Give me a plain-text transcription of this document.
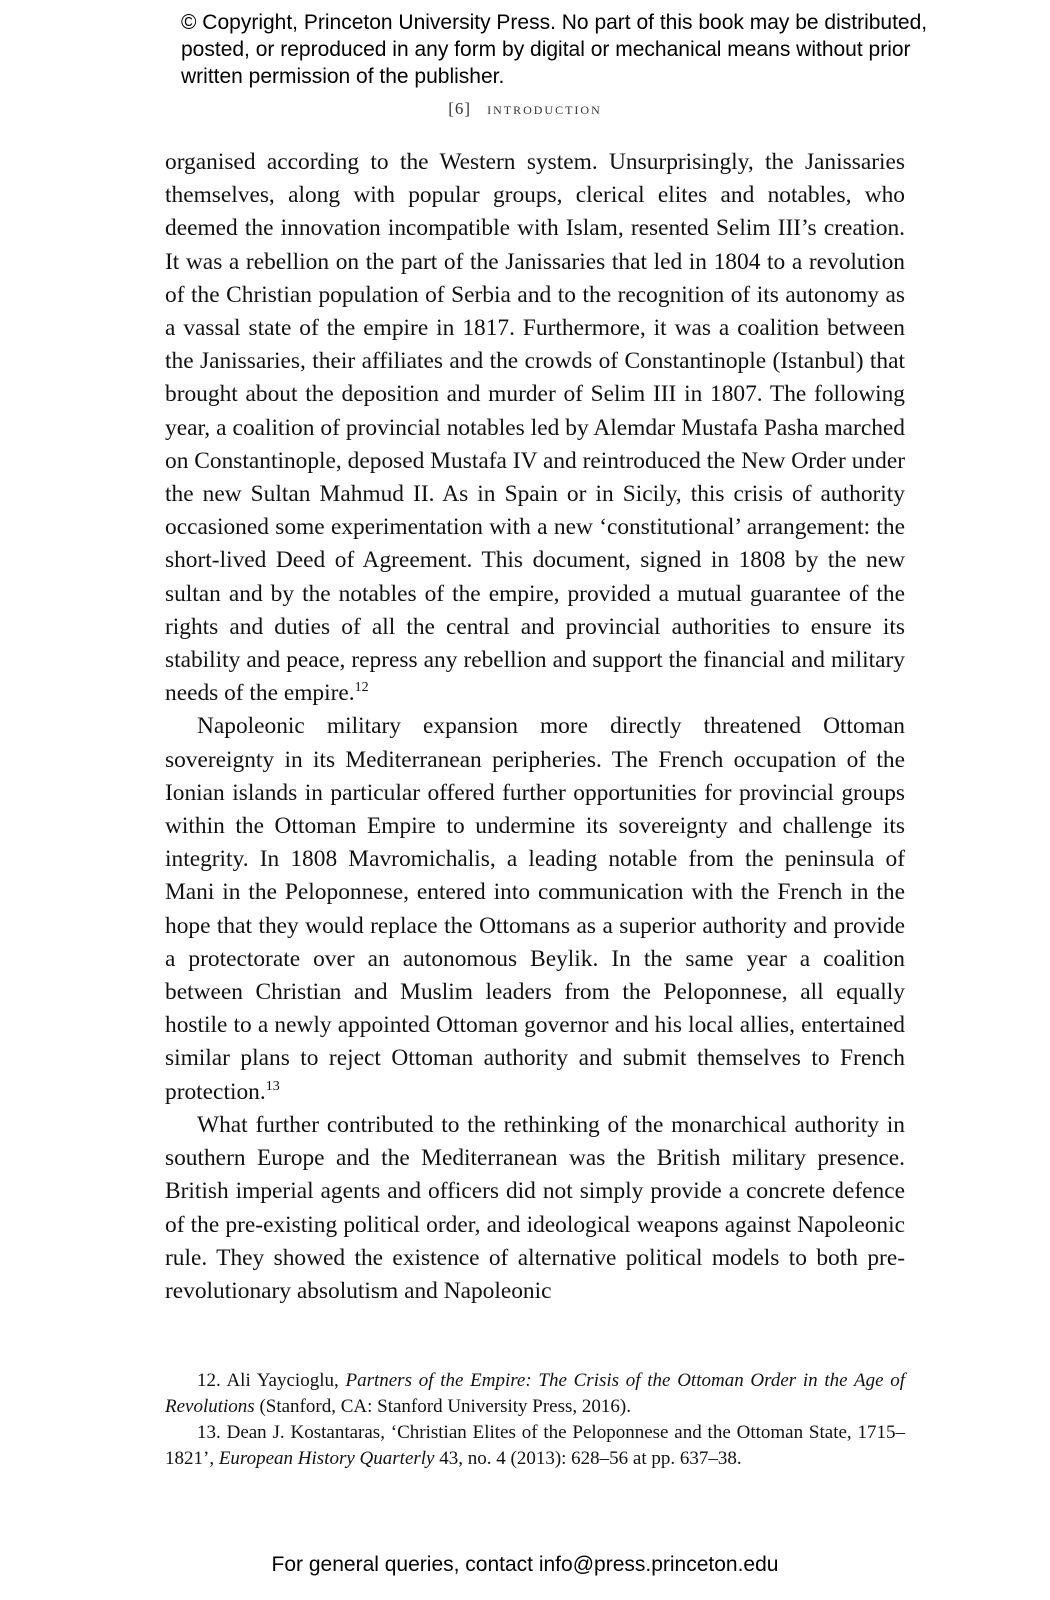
© Copyright, Princeton University Press. No part of this book may be distributed, posted, or reproduced in any form by digital or mechanical means without prior written permission of the publisher.
[6] introduction

organised according to the Western system. Unsurprisingly, the Janissaries themselves, along with popular groups, clerical elites and notables, who deemed the innovation incompatible with Islam, resented Selim III’s creation. It was a rebellion on the part of the Janissaries that led in 1804 to a revolution of the Christian population of Serbia and to the recognition of its autonomy as a vassal state of the empire in 1817. Furthermore, it was a coalition between the Janissaries, their affiliates and the crowds of Constantinople (Istanbul) that brought about the deposition and murder of Selim III in 1807. The following year, a coalition of provincial notables led by Alemdar Mustafa Pasha marched on Constantinople, deposed Mustafa IV and reintroduced the New Order under the new Sultan Mahmud II. As in Spain or in Sicily, this crisis of authority occasioned some experimentation with a new ‘constitutional’ arrangement: the short-lived Deed of Agreement. This document, signed in 1808 by the new sultan and by the notables of the empire, provided a mutual guarantee of the rights and duties of all the central and provincial authorities to ensure its stability and peace, repress any rebellion and support the financial and military needs of the empire.$^{12}$

Napoleonic military expansion more directly threatened Ottoman sovereignty in its Mediterranean peripheries. The French occupation of the Ionian islands in particular offered further opportunities for provincial groups within the Ottoman Empire to undermine its sovereignty and challenge its integrity. In 1808 Mavromichalis, a leading notable from the peninsula of Mani in the Peloponnese, entered into communication with the French in the hope that they would replace the Ottomans as a superior authority and provide a protectorate over an autonomous Beylik. In the same year a coalition between Christian and Muslim leaders from the Peloponnese, all equally hostile to a newly appointed Ottoman governor and his local allies, entertained similar plans to reject Ottoman authority and submit themselves to French protection.$^{13}$

What further contributed to the rethinking of the monarchical authority in southern Europe and the Mediterranean was the British military presence. British imperial agents and officers did not simply provide a concrete defence of the pre-existing political order, and ideological weapons against Napoleonic rule. They showed the existence of alternative political models to both pre-revolutionary absolutism and Napoleonic

12. Ali Yaycioglu, Partners of the Empire: The Crisis of the Ottoman Order in the Age of Revolutions (Stanford, CA: Stanford University Press, 2016).

13. Dean J. Kostantaras, ‘Christian Elites of the Peloponnese and the Ottoman State, 1715–1821’, European History Quarterly 43, no. 4 (2013): 628–56 at pp. 637–38.

For general queries, contact info@press.princeton.edu
